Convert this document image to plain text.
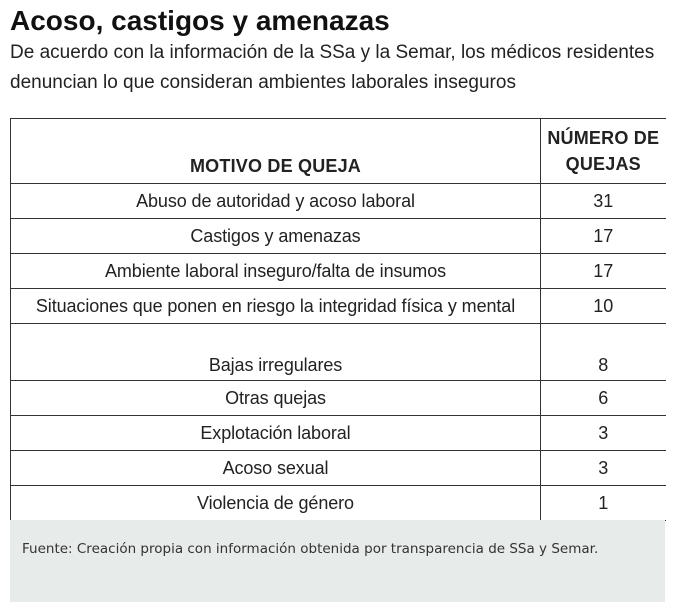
Acoso, castigos y amenazas
De acuerdo con la información de la SSa y la Semar, los médicos residentes denuncian lo que consideran ambientes laborales inseguros
MOTIVO DE QUEJA	NÚMERO DE QUEJAS
Abuso de autoridad y acoso laboral	31
Castigos y amenazas	17
Ambiente laboral inseguro/falta de insumos	17
Situaciones que ponen en riesgo la integridad física y mental	10
Bajas irregulares	8
Otras quejas	6
Explotación laboral	3
Acoso sexual	3
Violencia de género	1
Fuente: Creación propia con información obtenida por transparencia de SSa y Semar.
